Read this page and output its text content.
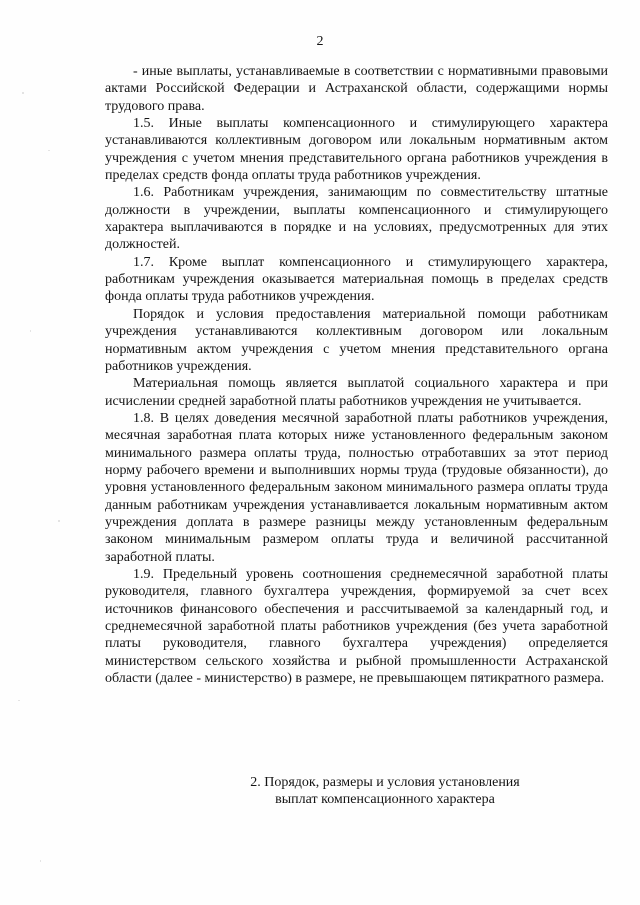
2

- иные выплаты, устанавливаемые в соответствии с нормативными правовыми актами Российской Федерации и Астраханской области, содержащими нормы трудового права.

1.5. Иные выплаты компенсационного и стимулирующего характера устанавливаются коллективным договором или локальным нормативным актом учреждения с учетом мнения представительного органа работников учреждения в пределах средств фонда оплаты труда работников учреждения.

1.6. Работникам учреждения, занимающим по совместительству штатные должности в учреждении, выплаты компенсационного и стимулирующего характера выплачиваются в порядке и на условиях, предусмотренных для этих должностей.

1.7. Кроме выплат компенсационного и стимулирующего характера, работникам учреждения оказывается материальная помощь в пределах средств фонда оплаты труда работников учреждения.

Порядок и условия предоставления материальной помощи работникам учреждения устанавливаются коллективным договором или локальным нормативным актом учреждения с учетом мнения представительного органа работников учреждения.

Материальная помощь является выплатой социального характера и при исчислении средней заработной платы работников учреждения не учитывается.

1.8. В целях доведения месячной заработной платы работников учреждения, месячная заработная плата которых ниже установленного федеральным законом минимального размера оплаты труда, полностью отработавших за этот период норму рабочего времени и выполнивших нормы труда (трудовые обязанности), до уровня установленного федеральным законом минимального размера оплаты труда данным работникам учреждения устанавливается локальным нормативным актом учреждения доплата в размере разницы между установленным федеральным законом минимальным размером оплаты труда и величиной рассчитанной заработной платы.

1.9. Предельный уровень соотношения среднемесячной заработной платы руководителя, главного бухгалтера учреждения, формируемой за счет всех источников финансового обеспечения и рассчитываемой за календарный год, и среднемесячной заработной платы работников учреждения (без учета заработной платы руководителя, главного бухгалтера учреждения) определяется министерством сельского хозяйства и рыбной промышленности Астраханской области (далее - министерство) в размере, не превышающем пятикратного размера.

2. Порядок, размеры и условия установления
выплат компенсационного характера
